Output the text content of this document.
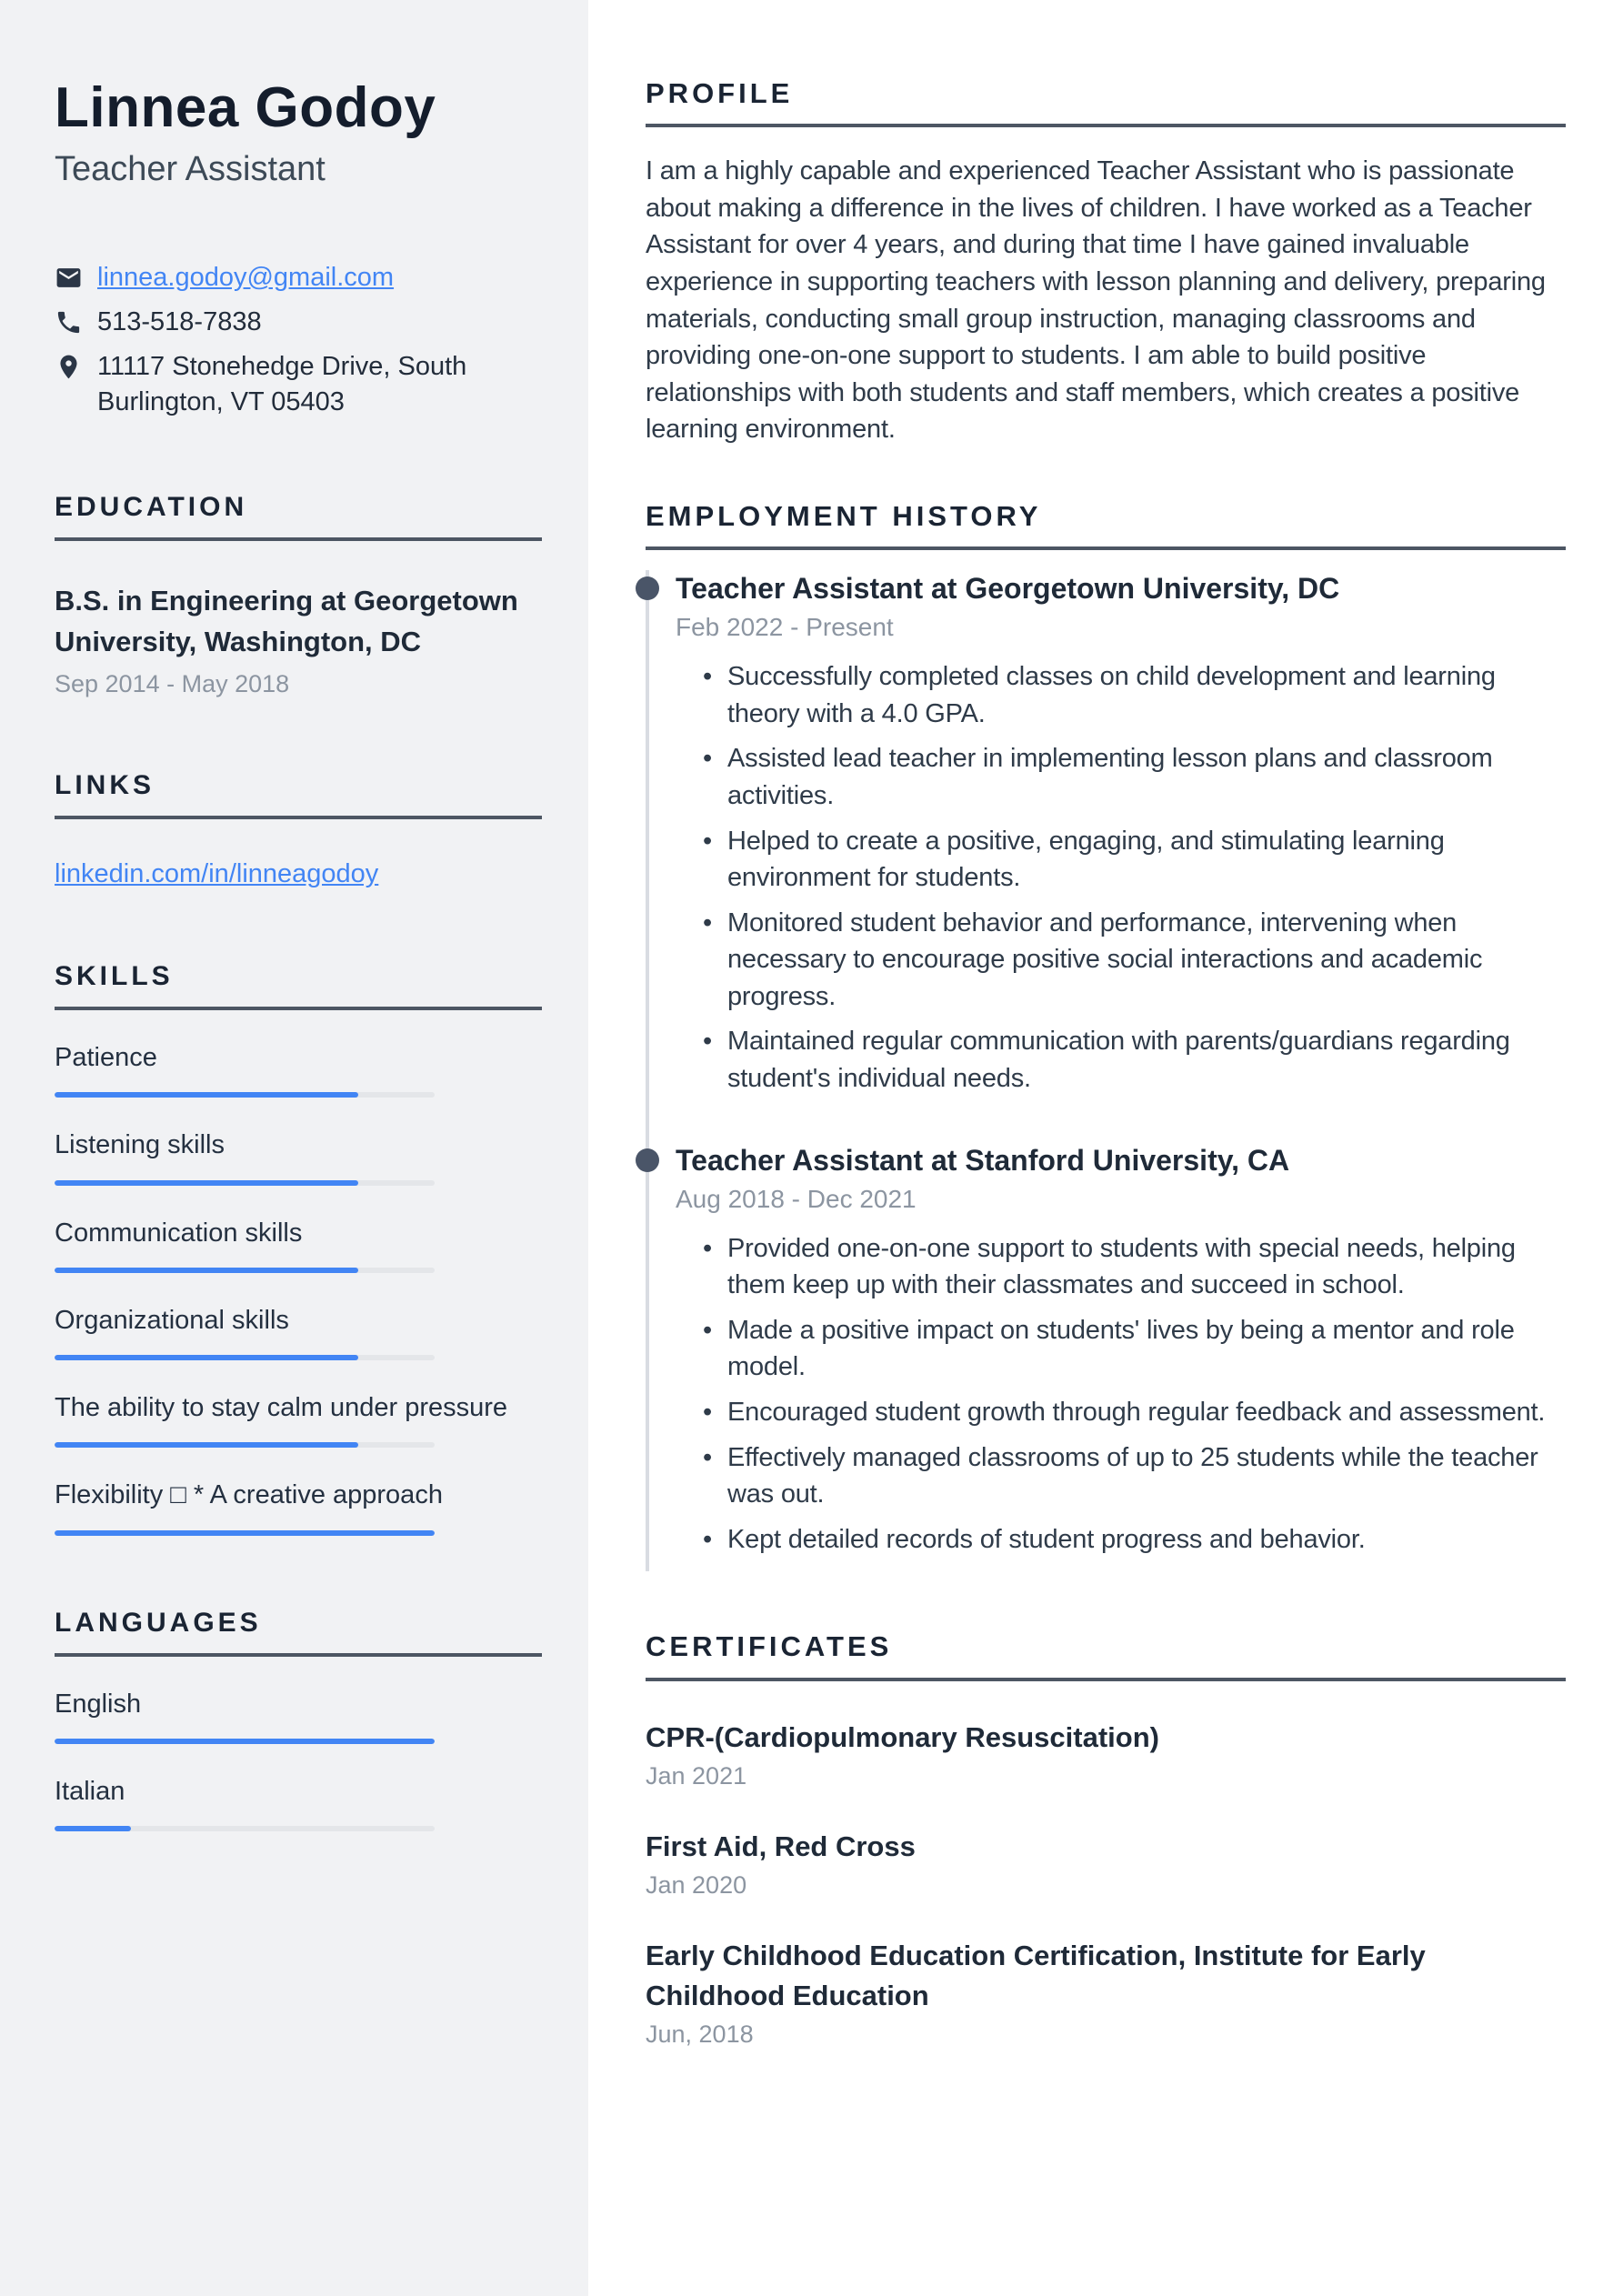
Linnea Godoy
Teacher Assistant
linnea.godoy@gmail.com
513-518-7838
11117 Stonehedge Drive, South
Burlington, VT 05403
EDUCATION
B.S. in Engineering at Georgetown University, Washington, DC
Sep 2014 - May 2018
LINKS
linkedin.com/in/linneagodoy
SKILLS
Patience
Listening skills
Communication skills
Organizational skills
The ability to stay calm under pressure
Flexibility □ * A creative approach
LANGUAGES
English
Italian
PROFILE

I am a highly capable and experienced Teacher Assistant who is passionate about making a difference in the lives of children. I have worked as a Teacher Assistant for over 4 years, and during that time I have gained invaluable experience in supporting teachers with lesson planning and delivery, preparing materials, conducting small group instruction, managing classrooms and providing one-on-one support to students. I am able to build positive relationships with both students and staff members, which creates a positive learning environment.

EMPLOYMENT HISTORY
Teacher Assistant at Georgetown University, DC
Feb 2022 - Present
• Successfully completed classes on child development and learning theory with a 4.0 GPA.
• Assisted lead teacher in implementing lesson plans and classroom activities.
• Helped to create a positive, engaging, and stimulating learning environment for students.
• Monitored student behavior and performance, intervening when necessary to encourage positive social interactions and academic progress.
• Maintained regular communication with parents/guardians regarding student's individual needs.
Teacher Assistant at Stanford University, CA
Aug 2018 - Dec 2021
• Provided one-on-one support to students with special needs, helping them keep up with their classmates and succeed in school.
• Made a positive impact on students' lives by being a mentor and role model.
• Encouraged student growth through regular feedback and assessment.
• Effectively managed classrooms of up to 25 students while the teacher was out.
• Kept detailed records of student progress and behavior.
CERTIFICATES
CPR-(Cardiopulmonary Resuscitation)
Jan 2021
First Aid, Red Cross
Jan 2020
Early Childhood Education Certification, Institute for Early Childhood Education
Jun, 2018
